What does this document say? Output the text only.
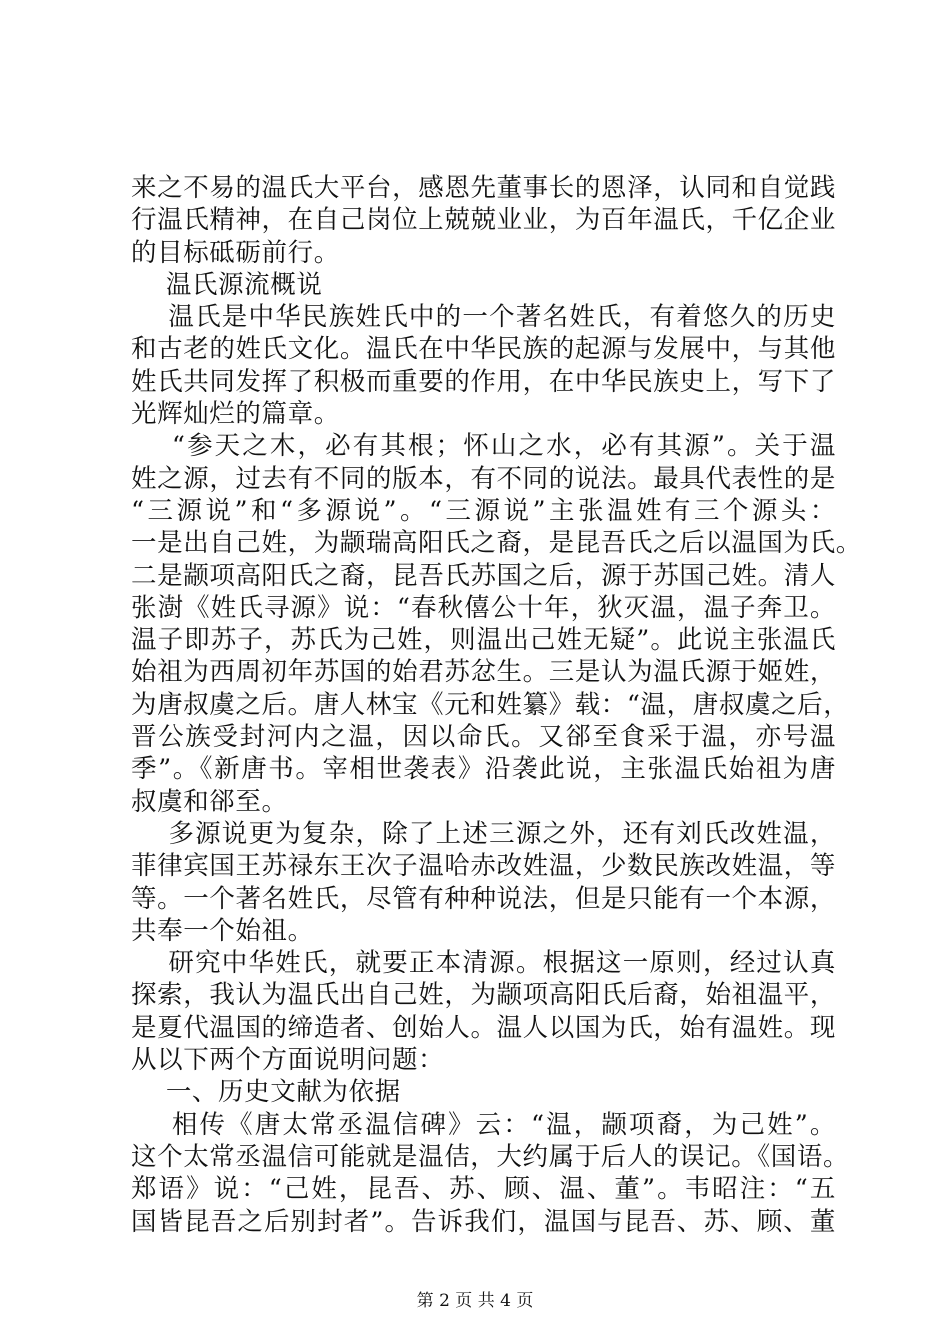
来之不易的温氏大平台，感恩先董事长的恩泽，认同和自觉践
行温氏精神，在自己岗位上兢兢业业，为百年温氏，千亿企业
的目标砥砺前行。
温氏源流概说
温氏是中华民族姓氏中的一个著名姓氏，有着悠久的历史
和古老的姓氏文化。温氏在中华民族的起源与发展中，与其他
姓氏共同发挥了积极而重要的作用，在中华民族史上，写下了
光辉灿烂的篇章。
“参天之木，必有其根；怀山之水，必有其源”。关于温
姓之源，过去有不同的版本，有不同的说法。最具代表性的是
“三源说”和“多源说”。“三源说”主张温姓有三个源头：
一是出自己姓，为颛瑞高阳氏之裔，是昆吾氏之后以温国为氏。
二是颛项高阳氏之裔，昆吾氏苏国之后，源于苏国己姓。清人
张澍《姓氏寻源》说：“春秋僖公十年，狄灭温，温子奔卫。
温子即苏子，苏氏为己姓，则温出己姓无疑”。此说主张温氏
始祖为西周初年苏国的始君苏忿生。三是认为温氏源于姬姓，
为唐叔虞之后。唐人林宝《元和姓纂》载：“温，唐叔虞之后，
晋公族受封河内之温，因以命氏。又郤至食采于温，亦号温
季”。《新唐书。宰相世袭表》沿袭此说，主张温氏始祖为唐
叔虞和郤至。
多源说更为复杂，除了上述三源之外，还有刘氏改姓温，
菲律宾国王苏禄东王次子温哈赤改姓温，少数民族改姓温，等
等。一个著名姓氏，尽管有种种说法，但是只能有一个本源，
共奉一个始祖。
研究中华姓氏，就要正本清源。根据这一原则，经过认真
探索，我认为温氏出自己姓，为颛项高阳氏后裔，始祖温平，
是夏代温国的缔造者、创始人。温人以国为氏，始有温姓。现
从以下两个方面说明问题：
一、历史文献为依据
相传《唐太常丞温信碑》云：“温，颛项裔，为己姓”。
这个太常丞温信可能就是温佶，大约属于后人的误记。《国语。
郑语》说：“己姓，昆吾、苏、顾、温、董”。韦昭注：“五
国皆昆吾之后别封者”。告诉我们，温国与昆吾、苏、顾、董
第 2 页 共 4 页
